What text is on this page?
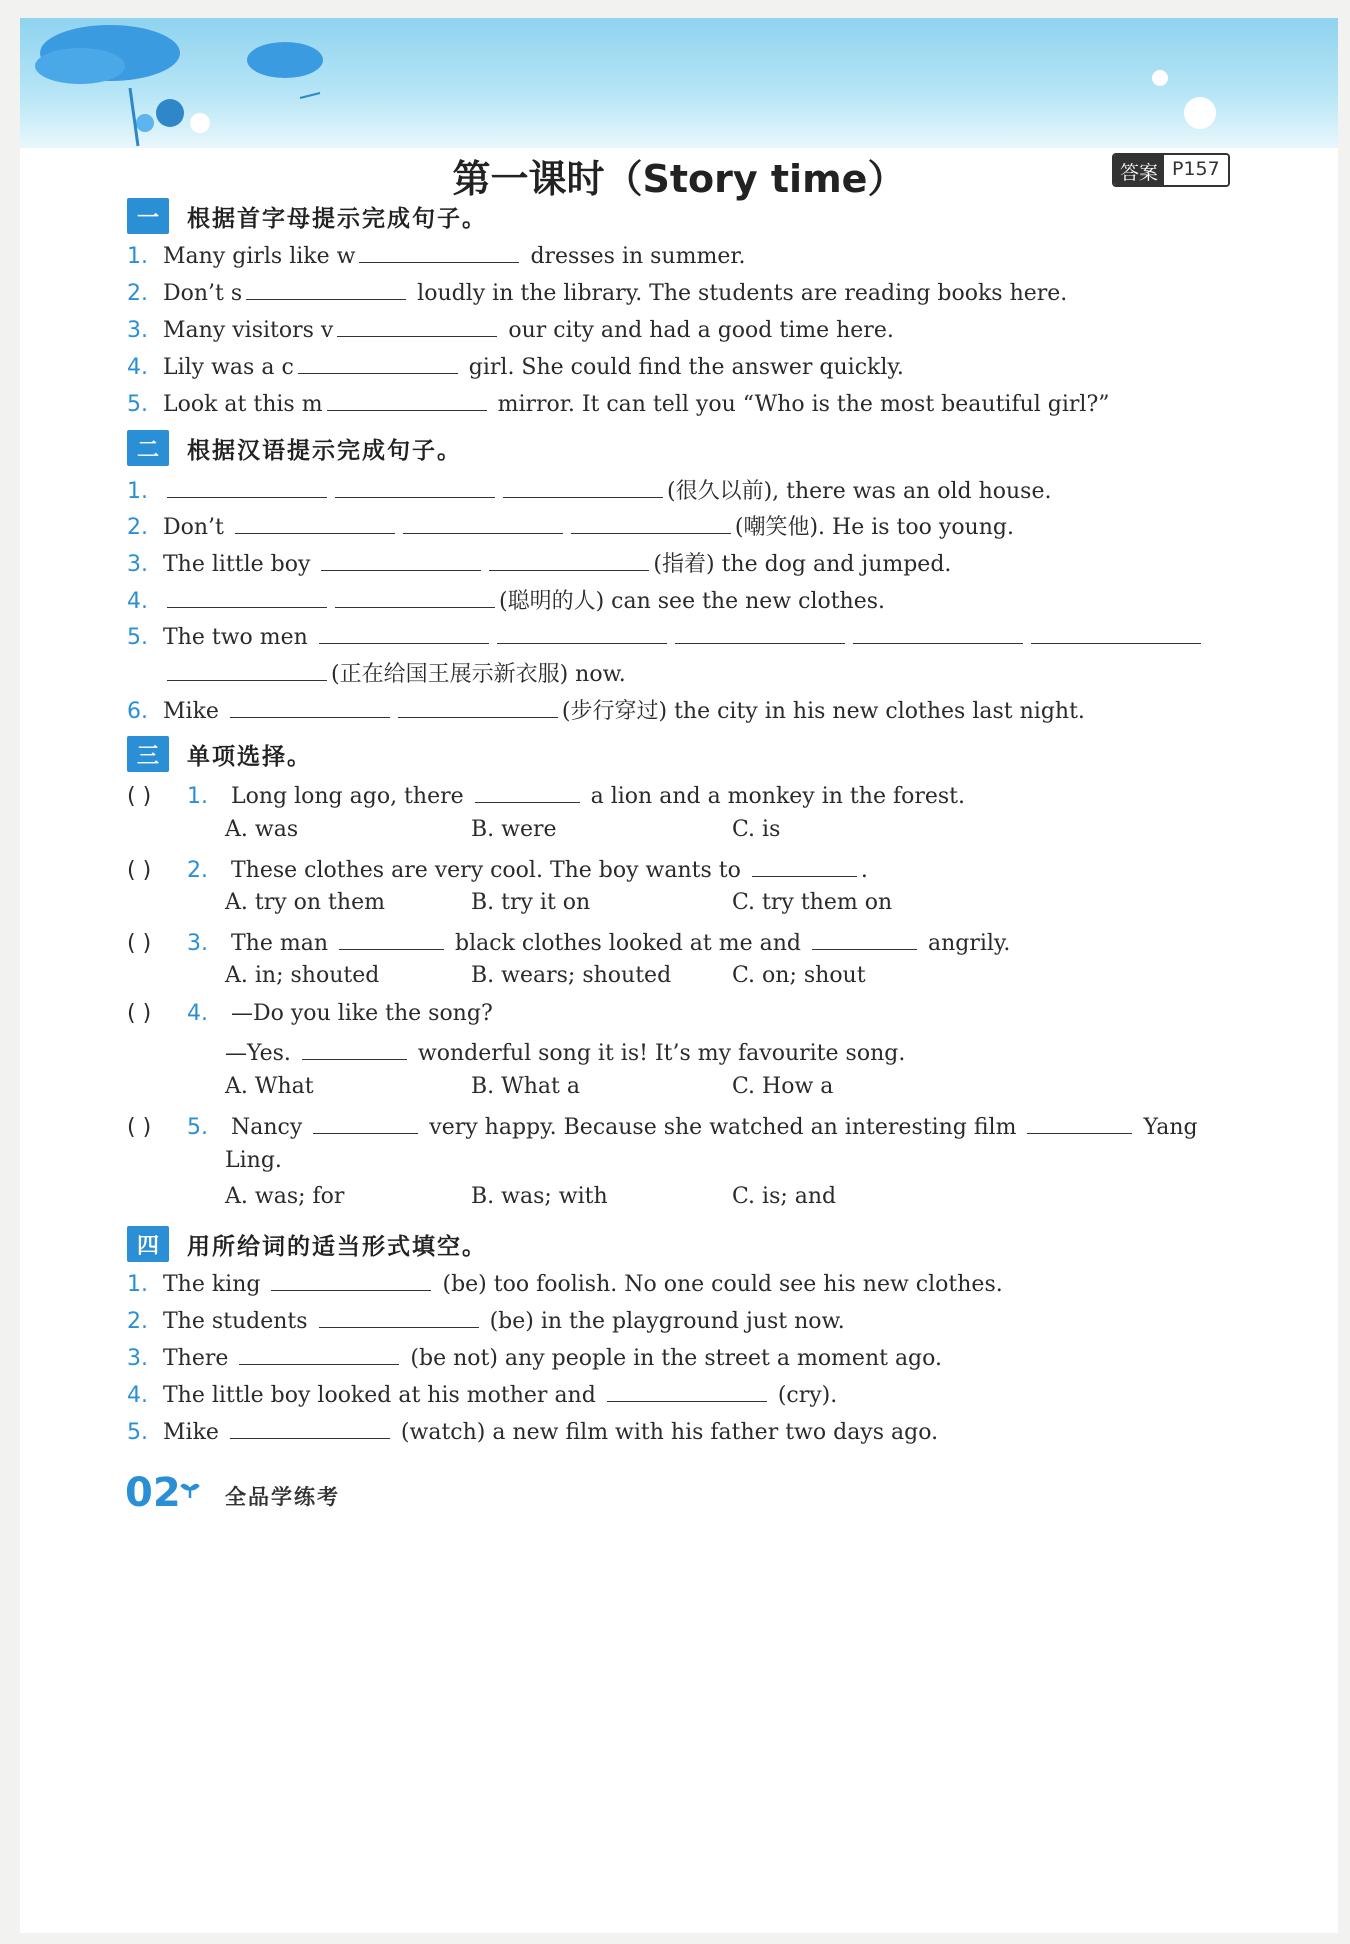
第一课时（Story time）	答案 P157
一	根据首字母提示完成句子。
1. Many girls like w	dresses in summer.
2. Don’t s	loudly in the library. The students are reading books here.
3. Many visitors v	our city and had a good time here.
4. Lily was a c	girl. She could find the answer quickly.
5. Look at this m	mirror. It can tell you “Who is the most beautiful girl?”
二	根据汉语提示完成句子。
1.	(很久以前), there was an old house.
2. Don’t	(嘲笑他). He is too young.
3. The little boy	(指着) the dog and jumped.
4.	(聪明的人) can see the new clothes.
5. The two men
(正在给国王展示新衣服) now.
6. Mike	(步行穿过) the city in his new clothes last night.
三	单项选择。
( ) 1. Long long ago, there	a lion and a monkey in the forest.
A. was	B. were	C. is
( ) 2. These clothes are very cool. The boy wants to	.
A. try on them	B. try it on	C. try them on
( ) 3. The man	black clothes looked at me and	angrily.
A. in; shouted	B. wears; shouted	C. on; shout
( ) 4. —Do you like the song?
—Yes.	wonderful song it is! It’s my favourite song.
A. What	B. What a	C. How a
( ) 5. Nancy	very happy. Because she watched an interesting film	Yang
Ling.
A. was; for	B. was; with	C. is; and
四	用所给词的适当形式填空。
1. The king	(be) too foolish. No one could see his new clothes.
2. The students	(be) in the playground just now.
3. There	(be not) any people in the street a moment ago.
4. The little boy looked at his mother and	(cry).
5. Mike	(watch) a new film with his father two days ago.
02 全品学练考
